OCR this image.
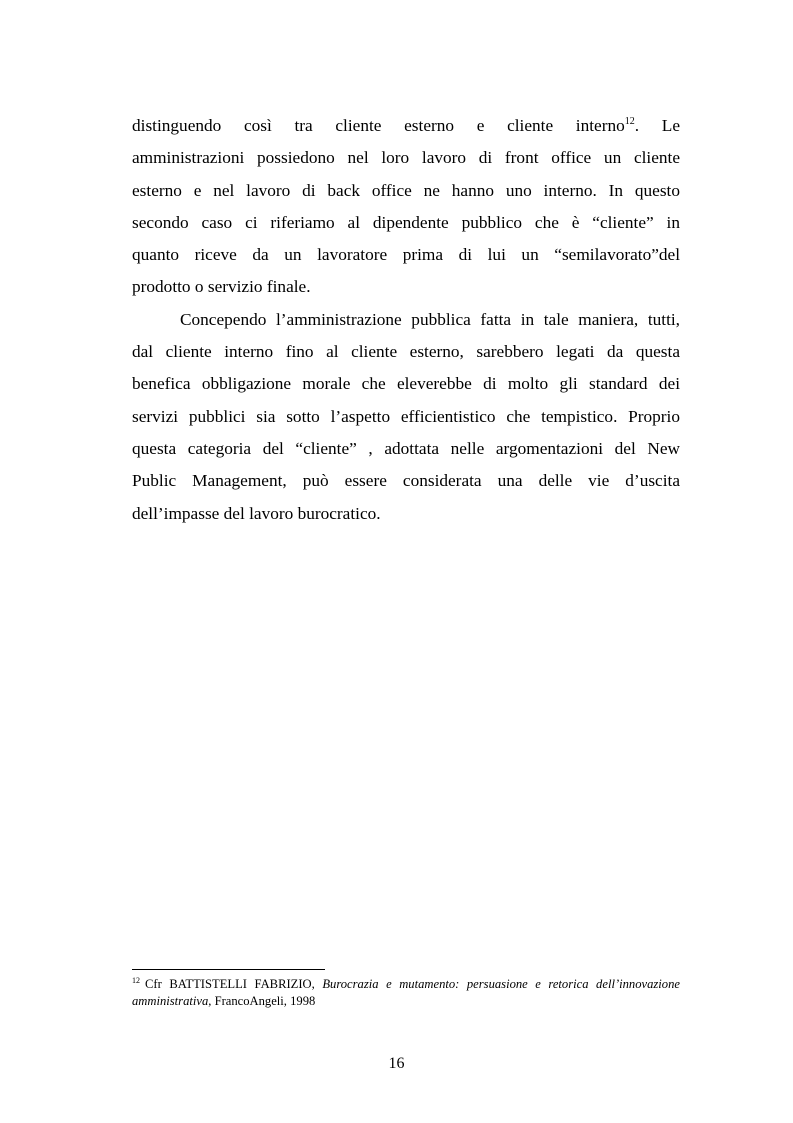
distinguendo così tra cliente esterno e cliente interno$^{12}$. Le
amministrazioni possiedono nel loro lavoro di front office un cliente
esterno e nel lavoro di back office ne hanno uno interno. In questo
secondo caso ci riferiamo al dipendente pubblico che è “cliente” in
quanto riceve da un lavoratore prima di lui un “semilavorato”del
prodotto o servizio finale.
Concependo l’amministrazione pubblica fatta in tale maniera, tutti,
dal cliente interno fino al cliente esterno, sarebbero legati da questa
benefica obbligazione morale che eleverebbe di molto gli standard dei
servizi pubblici sia sotto l’aspetto efficientistico che tempistico. Proprio
questa categoria del “cliente” , adottata nelle argomentazioni del New
Public Management, può essere considerata una delle vie d’uscita
dell’impasse del lavoro burocratico.
$^{12}$ Cfr BATTISTELLI FABRIZIO, Burocrazia e mutamento: persuasione e retorica dell’innovazione
amministrativa, FrancoAngeli, 1998
16
